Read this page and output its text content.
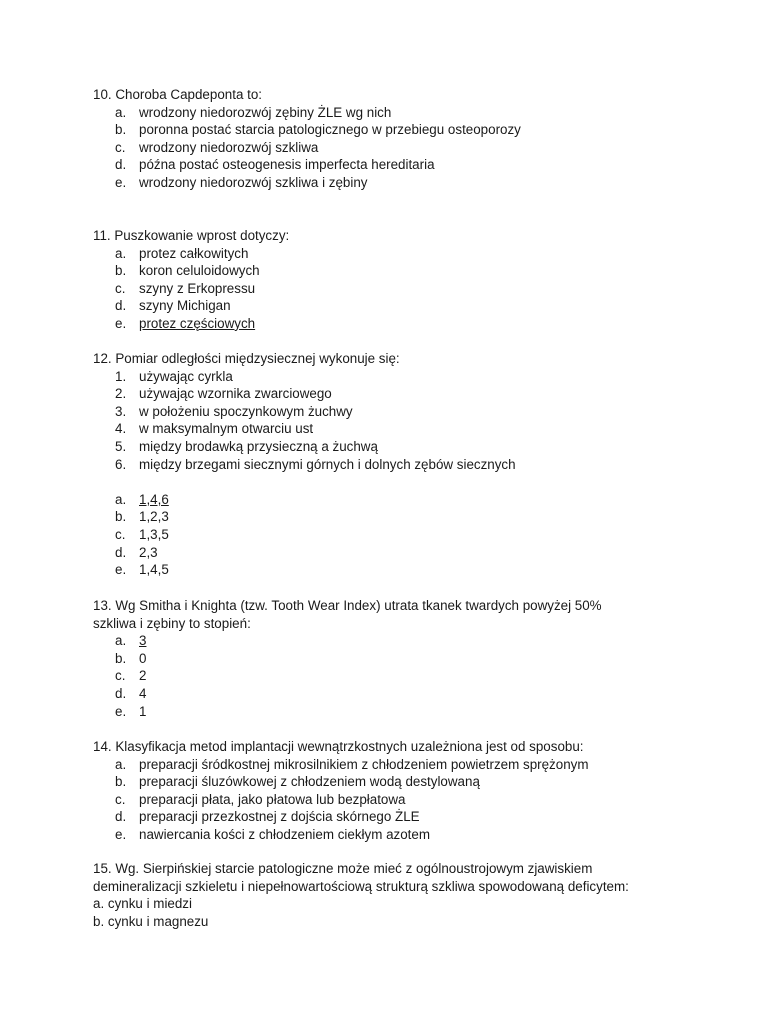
10. Choroba Capdeponta to:
a. wrodzony niedorozwój zębiny ŻLE wg nich
b. poronna postać starcia patologicznego w przebiegu osteoporozy
c. wrodzony niedorozwój szkliwa
d. późna postać osteogenesis imperfecta hereditaria
e. wrodzony niedorozwój szkliwa i zębiny
11. Puszkowanie wprost dotyczy:
a. protez całkowitych
b. koron celuloidowych
c. szyny z Erkopressu
d. szyny Michigan
e. protez częściowych
12. Pomiar odległości międzysiecznej wykonuje się:
1. używając cyrkla
2. używając wzornika zwarciowego
3. w położeniu spoczynkowym żuchwy
4. w maksymalnym otwarciu ust
5. między brodawką przysieczną a żuchwą
6. między brzegami siecznymi górnych i dolnych zębów siecznych
a. 1,4,6
b. 1,2,3
c. 1,3,5
d. 2,3
e. 1,4,5
13. Wg Smitha i Knighta (tzw. Tooth Wear Index) utrata tkanek twardych powyżej 50%
szkliwa i zębiny to stopień:
a. 3
b. 0
c. 2
d. 4
e. 1
14. Klasyfikacja metod implantacji wewnątrzkostnych uzależniona jest od sposobu:
a. preparacji śródkostnej mikrosilnikiem z chłodzeniem powietrzem sprężonym
b. preparacji śluzówkowej z chłodzeniem wodą destylowaną
c. preparacji płata, jako płatowa lub bezpłatowa
d. preparacji przezkostnej z dojścia skórnego ŻLE
e. nawiercania kości z chłodzeniem ciekłym azotem
15. Wg. Sierpińskiej starcie patologiczne może mieć z ogólnoustrojowym zjawiskiem
demineralizacji szkieletu i niepełnowartościową strukturą szkliwa spowodowaną deficytem:
a. cynku i miedzi
b. cynku i magnezu
